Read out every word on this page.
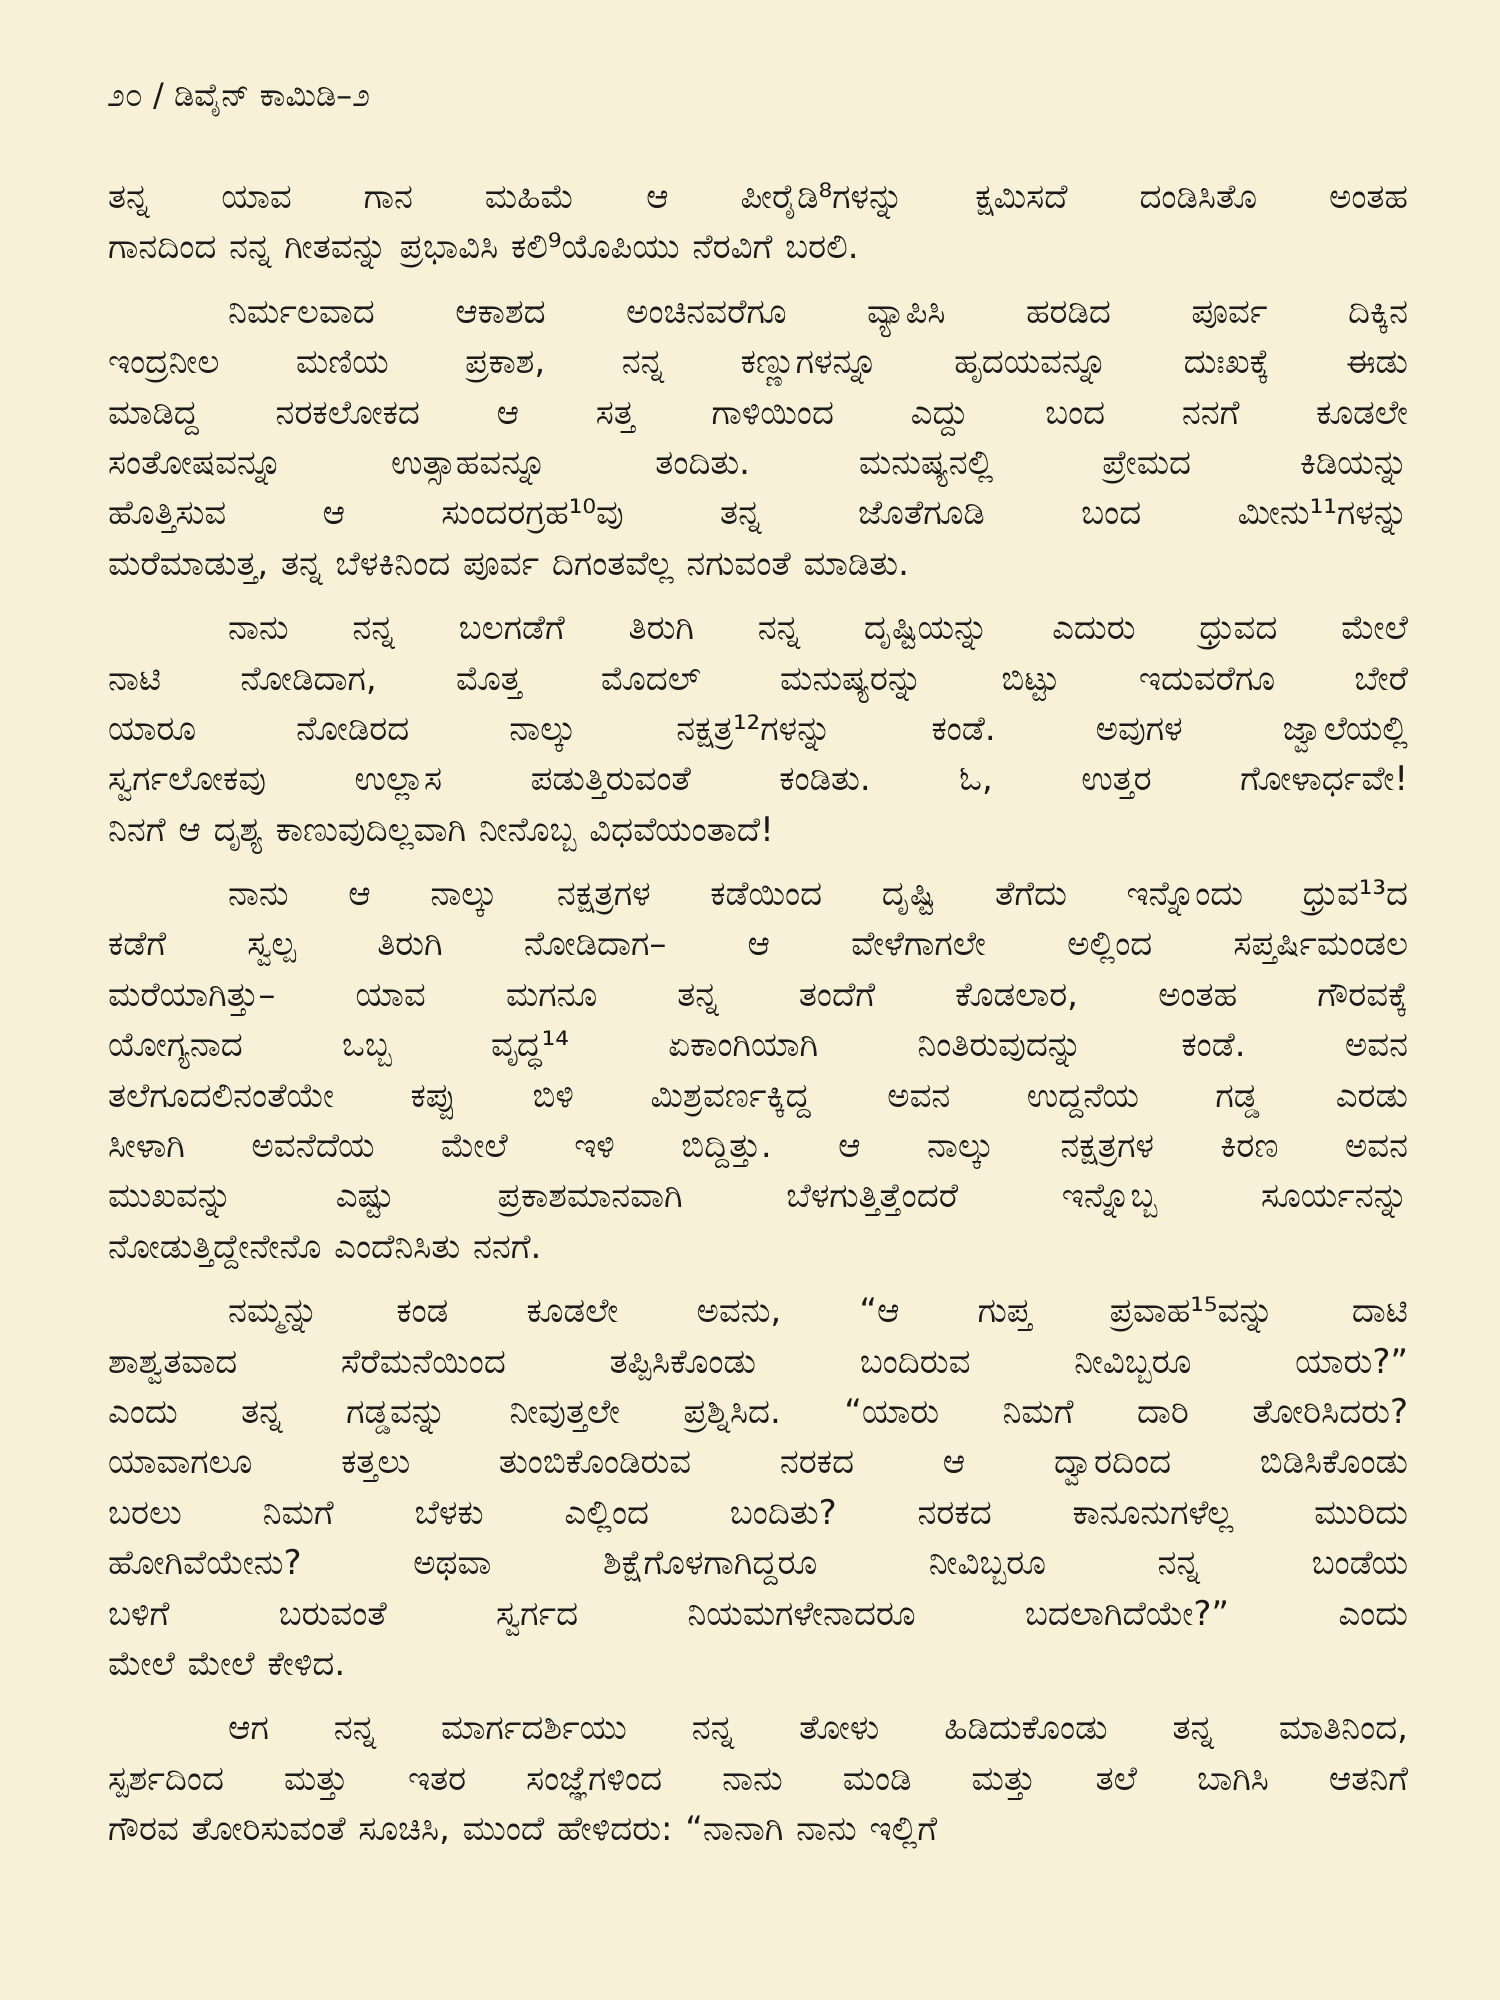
೨೦ / ಡಿವೈನ್ ಕಾಮಿಡಿ–೨
ತನ್ನ ಯಾವ ಗಾನ ಮಹಿಮೆ ಆ ಪೀರೈಡಿ⁸ಗಳನ್ನು ಕ್ಷಮಿಸದೆ ದಂಡಿಸಿತೊ ಅಂತಹ
ಗಾನದಿಂದ ನನ್ನ ಗೀತವನ್ನು ಪ್ರಭಾವಿಸಿ ಕಲಿ⁹ಯೊಪಿಯು ನೆರವಿಗೆ ಬರಲಿ.
ನಿರ್ಮಲವಾದ ಆಕಾಶದ ಅಂಚಿನವರೆಗೂ ವ್ಯಾಪಿಸಿ ಹರಡಿದ ಪೂರ್ವ ದಿಕ್ಕಿನ
ಇಂದ್ರನೀಲ ಮಣಿಯ ಪ್ರಕಾಶ, ನನ್ನ ಕಣ್ಣುಗಳನ್ನೂ ಹೃದಯವನ್ನೂ ದುಃಖಕ್ಕೆ ಈಡು
ಮಾಡಿದ್ದ ನರಕಲೋಕದ ಆ ಸತ್ತ ಗಾಳಿಯಿಂದ ಎದ್ದು ಬಂದ ನನಗೆ ಕೂಡಲೇ
ಸಂತೋಷವನ್ನೂ ಉತ್ಸಾಹವನ್ನೂ ತಂದಿತು. ಮನುಷ್ಯನಲ್ಲಿ ಪ್ರೇಮದ ಕಿಡಿಯನ್ನು
ಹೊತ್ತಿಸುವ ಆ ಸುಂದರಗ್ರಹ¹⁰ವು ತನ್ನ ಜೊತೆಗೂಡಿ ಬಂದ ಮೀನು¹¹ಗಳನ್ನು
ಮರೆಮಾಡುತ್ತ, ತನ್ನ ಬೆಳಕಿನಿಂದ ಪೂರ್ವ ದಿಗಂತವೆಲ್ಲ ನಗುವಂತೆ ಮಾಡಿತು.
ನಾನು ನನ್ನ ಬಲಗಡೆಗೆ ತಿರುಗಿ ನನ್ನ ದೃಷ್ಟಿಯನ್ನು ಎದುರು ಧ್ರುವದ ಮೇಲೆ
ನಾಟಿ ನೋಡಿದಾಗ, ಮೊತ್ತ ಮೊದಲ್ ಮನುಷ್ಯರನ್ನು ಬಿಟ್ಟು ಇದುವರೆಗೂ ಬೇರೆ
ಯಾರೂ ನೋಡಿರದ ನಾಲ್ಕು ನಕ್ಷತ್ರ¹²ಗಳನ್ನು ಕಂಡೆ. ಅವುಗಳ ಜ್ವಾಲೆಯಲ್ಲಿ
ಸ್ವರ್ಗಲೋಕವು ಉಲ್ಲಾಸ ಪಡುತ್ತಿರುವಂತೆ ಕಂಡಿತು. ಓ, ಉತ್ತರ ಗೋಳಾರ್ಧವೇ!
ನಿನಗೆ ಆ ದೃಶ್ಯ ಕಾಣುವುದಿಲ್ಲವಾಗಿ ನೀನೊಬ್ಬ ವಿಧವೆಯಂತಾದೆ!
ನಾನು ಆ ನಾಲ್ಕು ನಕ್ಷತ್ರಗಳ ಕಡೆಯಿಂದ ದೃಷ್ಟಿ ತೆಗೆದು ಇನ್ನೊಂದು ಧ್ರುವ¹³ದ
ಕಡೆಗೆ ಸ್ವಲ್ಪ ತಿರುಗಿ ನೋಡಿದಾಗ– ಆ ವೇಳೆಗಾಗಲೇ ಅಲ್ಲಿಂದ ಸಪ್ತರ್ಷಿಮಂಡಲ
ಮರೆಯಾಗಿತ್ತು– ಯಾವ ಮಗನೂ ತನ್ನ ತಂದೆಗೆ ಕೊಡಲಾರ, ಅಂತಹ ಗೌರವಕ್ಕೆ
ಯೋಗ್ಯನಾದ ಒಬ್ಬ ವೃದ್ಧ¹⁴ ಏಕಾಂಗಿಯಾಗಿ ನಿಂತಿರುವುದನ್ನು ಕಂಡೆ. ಅವನ
ತಲೆಗೂದಲಿನಂತೆಯೇ ಕಪ್ಪು ಬಿಳಿ ಮಿಶ್ರವರ್ಣಕ್ಕಿದ್ದ ಅವನ ಉದ್ದನೆಯ ಗಡ್ಡ ಎರಡು
ಸೀಳಾಗಿ ಅವನೆದೆಯ ಮೇಲೆ ಇಳಿ ಬಿದ್ದಿತ್ತು. ಆ ನಾಲ್ಕು ನಕ್ಷತ್ರಗಳ ಕಿರಣ ಅವನ
ಮುಖವನ್ನು ಎಷ್ಟು ಪ್ರಕಾಶಮಾನವಾಗಿ ಬೆಳಗುತ್ತಿತ್ತೆಂದರೆ ಇನ್ನೊಬ್ಬ ಸೂರ್ಯನನ್ನು
ನೋಡುತ್ತಿದ್ದೇನೇನೊ ಎಂದೆನಿಸಿತು ನನಗೆ.
ನಮ್ಮನ್ನು ಕಂಡ ಕೂಡಲೇ ಅವನು, “ಆ ಗುಪ್ತ ಪ್ರವಾಹ¹⁵ವನ್ನು ದಾಟಿ
ಶಾಶ್ವತವಾದ ಸೆರೆಮನೆಯಿಂದ ತಪ್ಪಿಸಿಕೊಂಡು ಬಂದಿರುವ ನೀವಿಬ್ಬರೂ ಯಾರು?”
ಎಂದು ತನ್ನ ಗಡ್ಡವನ್ನು ನೀವುತ್ತಲೇ ಪ್ರಶ್ನಿಸಿದ. “ಯಾರು ನಿಮಗೆ ದಾರಿ ತೋರಿಸಿದರು?
ಯಾವಾಗಲೂ ಕತ್ತಲು ತುಂಬಿಕೊಂಡಿರುವ ನರಕದ ಆ ದ್ವಾರದಿಂದ ಬಿಡಿಸಿಕೊಂಡು
ಬರಲು ನಿಮಗೆ ಬೆಳಕು ಎಲ್ಲಿಂದ ಬಂದಿತು? ನರಕದ ಕಾನೂನುಗಳೆಲ್ಲ ಮುರಿದು
ಹೋಗಿವೆಯೇನು? ಅಥವಾ ಶಿಕ್ಷೆಗೊಳಗಾಗಿದ್ದರೂ ನೀವಿಬ್ಬರೂ ನನ್ನ ಬಂಡೆಯ
ಬಳಿಗೆ ಬರುವಂತೆ ಸ್ವರ್ಗದ ನಿಯಮಗಳೇನಾದರೂ ಬದಲಾಗಿದೆಯೇ?” ಎಂದು
ಮೇಲೆ ಮೇಲೆ ಕೇಳಿದ.
ಆಗ ನನ್ನ ಮಾರ್ಗದರ್ಶಿಯು ನನ್ನ ತೋಳು ಹಿಡಿದುಕೊಂಡು ತನ್ನ ಮಾತಿನಿಂದ,
ಸ್ಪರ್ಶದಿಂದ ಮತ್ತು ಇತರ ಸಂಜ್ಞೆಗಳಿಂದ ನಾನು ಮಂಡಿ ಮತ್ತು ತಲೆ ಬಾಗಿಸಿ ಆತನಿಗೆ
ಗೌರವ ತೋರಿಸುವಂತೆ ಸೂಚಿಸಿ, ಮುಂದೆ ಹೇಳಿದರು: “ನಾನಾಗಿ ನಾನು ಇಲ್ಲಿಗೆ
